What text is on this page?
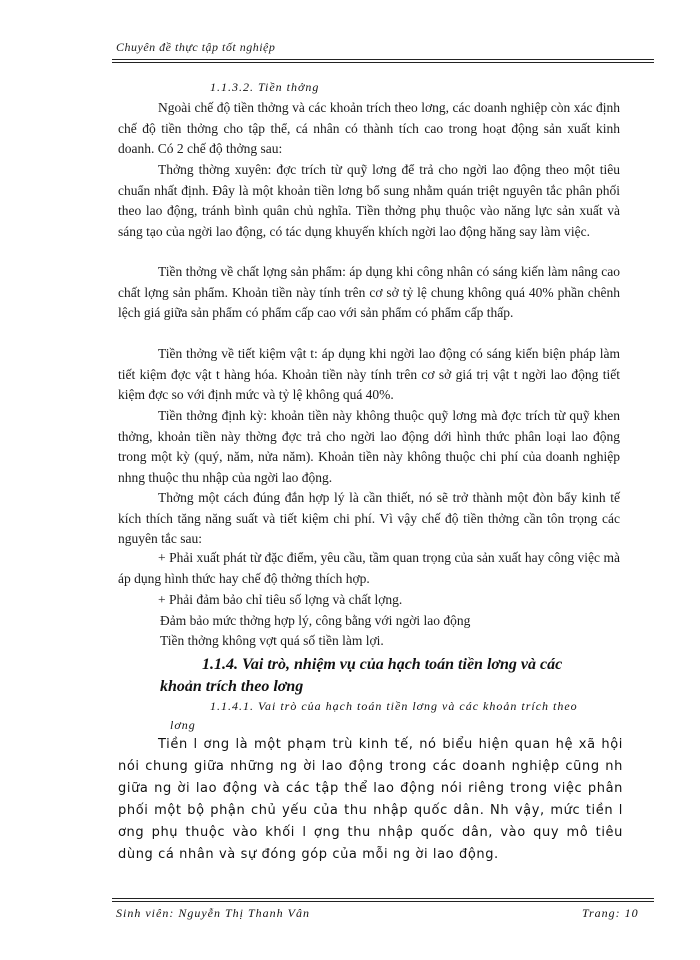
Chuyên đề thực tập tốt nghiệp
1.1.3.2. Tiền thởng
Ngoài chế độ tiền thởng và các khoản trích theo lơng, các doanh nghiệp còn xác định chế độ tiền thởng cho tập thể, cá nhân có thành tích cao trong hoạt động sản xuất kinh doanh. Có 2 chế độ thởng sau:
Thởng thờng xuyên: đợc trích từ quỹ lơng để trả cho ngời lao động theo một tiêu chuẩn nhất định. Đây là một khoản tiền lơng bổ sung nhằm quán triệt nguyên tắc phân phối theo lao động, tránh bình quân chủ nghĩa. Tiền thởng phụ thuộc vào năng lực sản xuất và sáng tạo của ngời lao động, có tác dụng khuyến khích ngời lao động hăng say làm việc.
Tiền thởng về chất lợng sản phẩm: áp dụng khi công nhân có sáng kiến làm nâng cao chất lợng sản phẩm. Khoản tiền này tính trên cơ sở tỷ lệ chung không quá 40% phần chênh lệch giá giữa sản phẩm có phẩm cấp cao với sản phẩm có phẩm cấp thấp.
Tiền thởng về tiết kiệm vật t: áp dụng khi ngời lao động có sáng kiến biện pháp làm tiết kiệm đợc vật t hàng hóa. Khoản tiền này tính trên cơ sở giá trị vật t ngời lao động tiết kiệm đợc so với định mức và tỷ lệ không quá 40%.
Tiền thởng định kỳ: khoản tiền này không thuộc quỹ lơng mà đợc trích từ quỹ khen thởng, khoản tiền này thờng đợc trả cho ngời lao động dới hình thức phân loại lao động trong một kỳ (quý, năm, nửa năm). Khoản tiền này không thuộc chi phí của doanh nghiệp nhng thuộc thu nhập của ngời lao động.
Thởng một cách đúng đắn hợp lý là cần thiết, nó sẽ trở thành một đòn bẩy kinh tế kích thích tăng năng suất và tiết kiệm chi phí. Vì vậy chế độ tiền thởng cần tôn trọng các nguyên tắc sau:
+ Phải xuất phát từ đặc điểm, yêu cầu, tầm quan trọng của sản xuất hay công việc mà áp dụng hình thức hay chế độ thởng thích hợp.
+ Phải đảm bảo chỉ tiêu số lợng và chất lợng.
Đảm bảo mức thởng hợp lý, công bằng với ngời lao động
Tiền thởng không vợt quá số tiền làm lợi.
1.1.4. Vai trò, nhiệm vụ của hạch toán tiền lơng và các
khoản trích theo lơng
1.1.4.1. Vai trò của hạch toán tiền lơng và các khoản trích theo
lơng
Tiền l ơng là một phạm trù kinh tế, nó biểu hiện quan hệ xã hội nói chung giữa những ng ời lao động trong các doanh nghiệp cũng nh giữa ng ời lao động và các tập thể lao động nói riêng trong việc phân phối một bộ phận chủ yếu của thu nhập quốc dân. Nh vậy, mức tiền l ơng phụ thuộc vào khối l ợng thu nhập quốc dân, vào quy mô tiêu dùng cá nhân và sự đóng góp của mỗi ng ời lao động.
Sinh viên: Nguyễn Thị Thanh Vân	Trang: 10
